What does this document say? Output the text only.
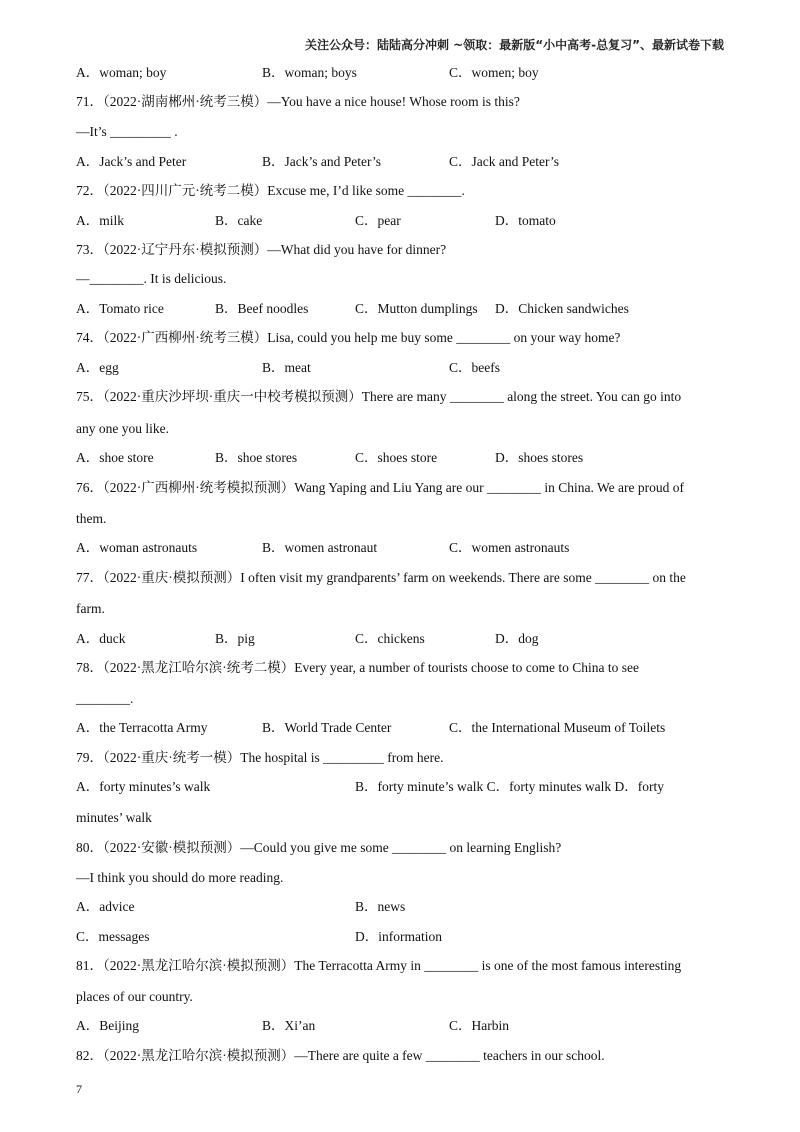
关注公众号：陆陆高分冲刺 ~领取：最新版“小中高考-总复习”、最新试卷下载
A．woman; boy	B．woman; boys	C．women; boy
71．（2022·湖南郴州·统考三模）—You have a nice house! Whose room is this?
—It’s _________ .
A．Jack’s and Peter	B．Jack’s and Peter’s	C．Jack and Peter’s
72．（2022·四川广元·统考二模）Excuse me, I’d like some ________.
A．milk	B．cake	C．pear	D．tomato
73．（2022·辽宁丹东·模拟预测）—What did you have for dinner?
—________. It is delicious.
A．Tomato rice	B．Beef noodles	C．Mutton dumplings D．Chicken sandwiches
74．（2022·广西柳州·统考三模）Lisa, could you help me buy some ________ on your way home?
A．egg	B．meat	C．beefs
75．（2022·重庆沙坪坝·重庆一中校考模拟预测）There are many ________ along the street. You can go into
any one you like.
A．shoe store	B．shoe stores	C．shoes store	D．shoes stores
76．（2022·广西柳州·统考模拟预测）Wang Yaping and Liu Yang are our ________ in China. We are proud of
them.
A．woman astronauts	B．women astronaut	C．women astronauts
77．（2022·重庆·模拟预测）I often visit my grandparents’ farm on weekends. There are some ________ on the
farm.
A．duck	B．pig	C．chickens	D．dog
78．（2022·黑龙江哈尔滨·统考二模）Every year, a number of tourists choose to come to China to see
________.
A．the Terracotta Army	B．World Trade Center	C．the International Museum of Toilets
79．（2022·重庆·统考一模）The hospital is _________ from here.
A．forty minutes’s walk	B．forty minute’s walk C．forty minutes walk D．forty
minutes’ walk
80．（2022·安徽·模拟预测）—Could you give me some ________ on learning English?
—I think you should do more reading.
A．advice	B．news
C．messages	D．information
81．（2022·黑龙江哈尔滨·模拟预测）The Terracotta Army in ________ is one of the most famous interesting
places of our country.
A．Beijing	B．Xi’an	C．Harbin
82．（2022·黑龙江哈尔滨·模拟预测）—There are quite a few ________ teachers in our school.
7
